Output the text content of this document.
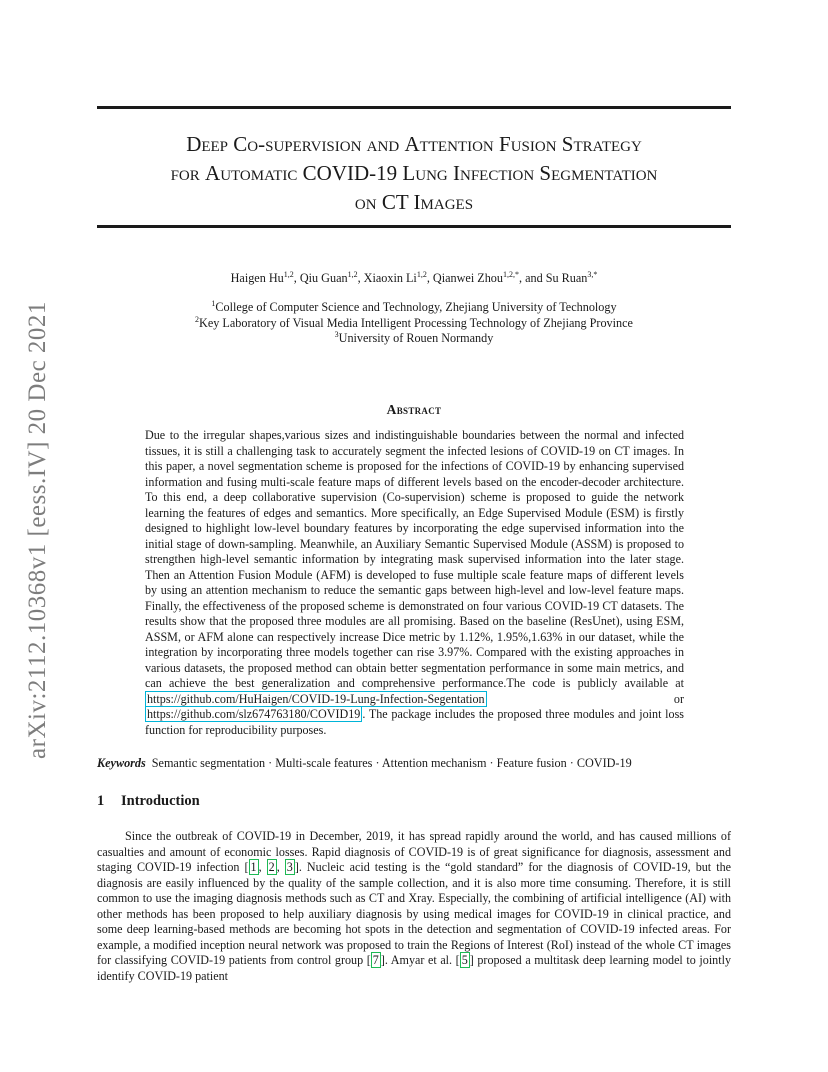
arXiv:2112.10368v1 [eess.IV] 20 Dec 2021
Deep Co-supervision and Attention Fusion Strategy
for Automatic COVID-19 Lung Infection Segmentation
on CT Images
Haigen Hu$^{1,2}$, Qiu Guan$^{1,2}$, Xiaoxin Li$^{1,2}$, Qianwei Zhou$^{1,2,*}$, and Su Ruan$^{3,*}$
$^1$College of Computer Science and Technology, Zhejiang University of Technology
$^2$Key Laboratory of Visual Media Intelligent Processing Technology of Zhejiang Province
$^3$University of Rouen Normandy
Abstract
Due to the irregular shapes,various sizes and indistinguishable boundaries between the normal and infected tissues, it is still a challenging task to accurately segment the infected lesions of COVID-19 on CT images. In this paper, a novel segmentation scheme is proposed for the infections of COVID-19 by enhancing supervised information and fusing multi-scale feature maps of different levels based on the encoder-decoder architecture. To this end, a deep collaborative supervision (Co-supervision) scheme is proposed to guide the network learning the features of edges and semantics. More specifically, an Edge Supervised Module (ESM) is firstly designed to highlight low-level boundary features by incorporating the edge supervised information into the initial stage of down-sampling. Meanwhile, an Auxiliary Semantic Supervised Module (ASSM) is proposed to strengthen high-level semantic information by integrating mask supervised information into the later stage. Then an Attention Fusion Module (AFM) is developed to fuse multiple scale feature maps of different levels by using an attention mechanism to reduce the semantic gaps between high-level and low-level feature maps. Finally, the effectiveness of the proposed scheme is demonstrated on four various COVID-19 CT datasets. The results show that the proposed three modules are all promising. Based on the baseline (ResUnet), using ESM, ASSM, or AFM alone can respectively increase Dice metric by 1.12%, 1.95%,1.63% in our dataset, while the integration by incorporating three models together can rise 3.97%. Compared with the existing approaches in various datasets, the proposed method can obtain better segmentation performance in some main metrics, and can achieve the best generalization and comprehensive performance.The code is publicly available at https://github.com/HuHaigen/COVID-19-Lung-Infection-Segentation or https://github.com/slz674763180/COVID19 . The package includes the proposed three modules and joint loss function for reproducibility purposes.
Keywords Semantic segmentation · Multi-scale features · Attention mechanism · Feature fusion · COVID-19
1 Introduction
Since the outbreak of COVID-19 in December, 2019, it has spread rapidly around the world, and has caused millions of casualties and amount of economic losses. Rapid diagnosis of COVID-19 is of great significance for diagnosis, assessment and staging COVID-19 infection [ 1 , 2 , 3 ]. Nucleic acid testing is the “gold standard” for the diagnosis of COVID-19, but the diagnosis are easily influenced by the quality of the sample collection, and it is also more time consuming. Therefore, it is still common to use the imaging diagnosis methods such as CT and Xray. Especially, the combining of artificial intelligence (AI) with other methods has been proposed to help auxiliary diagnosis by using medical images for COVID-19 in clinical practice, and some deep learning-based methods are becoming hot spots in the detection and segmentation of COVID-19 infected areas. For example, a modified inception neural network was proposed to train the Regions of Interest (RoI) instead of the whole CT images for classifying COVID-19 patients from control group [ 7 ]. Amyar et al. [ 5 ] proposed a multitask deep learning model to jointly identify COVID-19 patient
